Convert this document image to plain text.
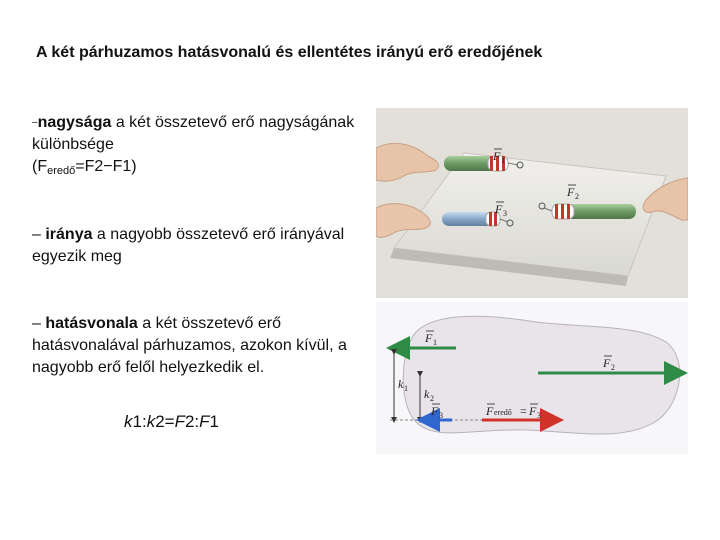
A két párhuzamos hatásvonalú és ellentétes irányú erő eredőjének
–nagysága a két összetevő erő nagyságának különbsége
$(F_{eredő}=F2-F1)$
– iránya a nagyobb összetevő erő irányával egyezik meg
– hatásvonala a két összetevő erő hatásvonalával párhuzamos, azokon kívül, a nagyobb erő felől helyezkedik el.
k1:k2=F2:F1
F 1
F 2
F 3
F 1
F 2
k 1 k 2
F 3	F eredő = F 3
